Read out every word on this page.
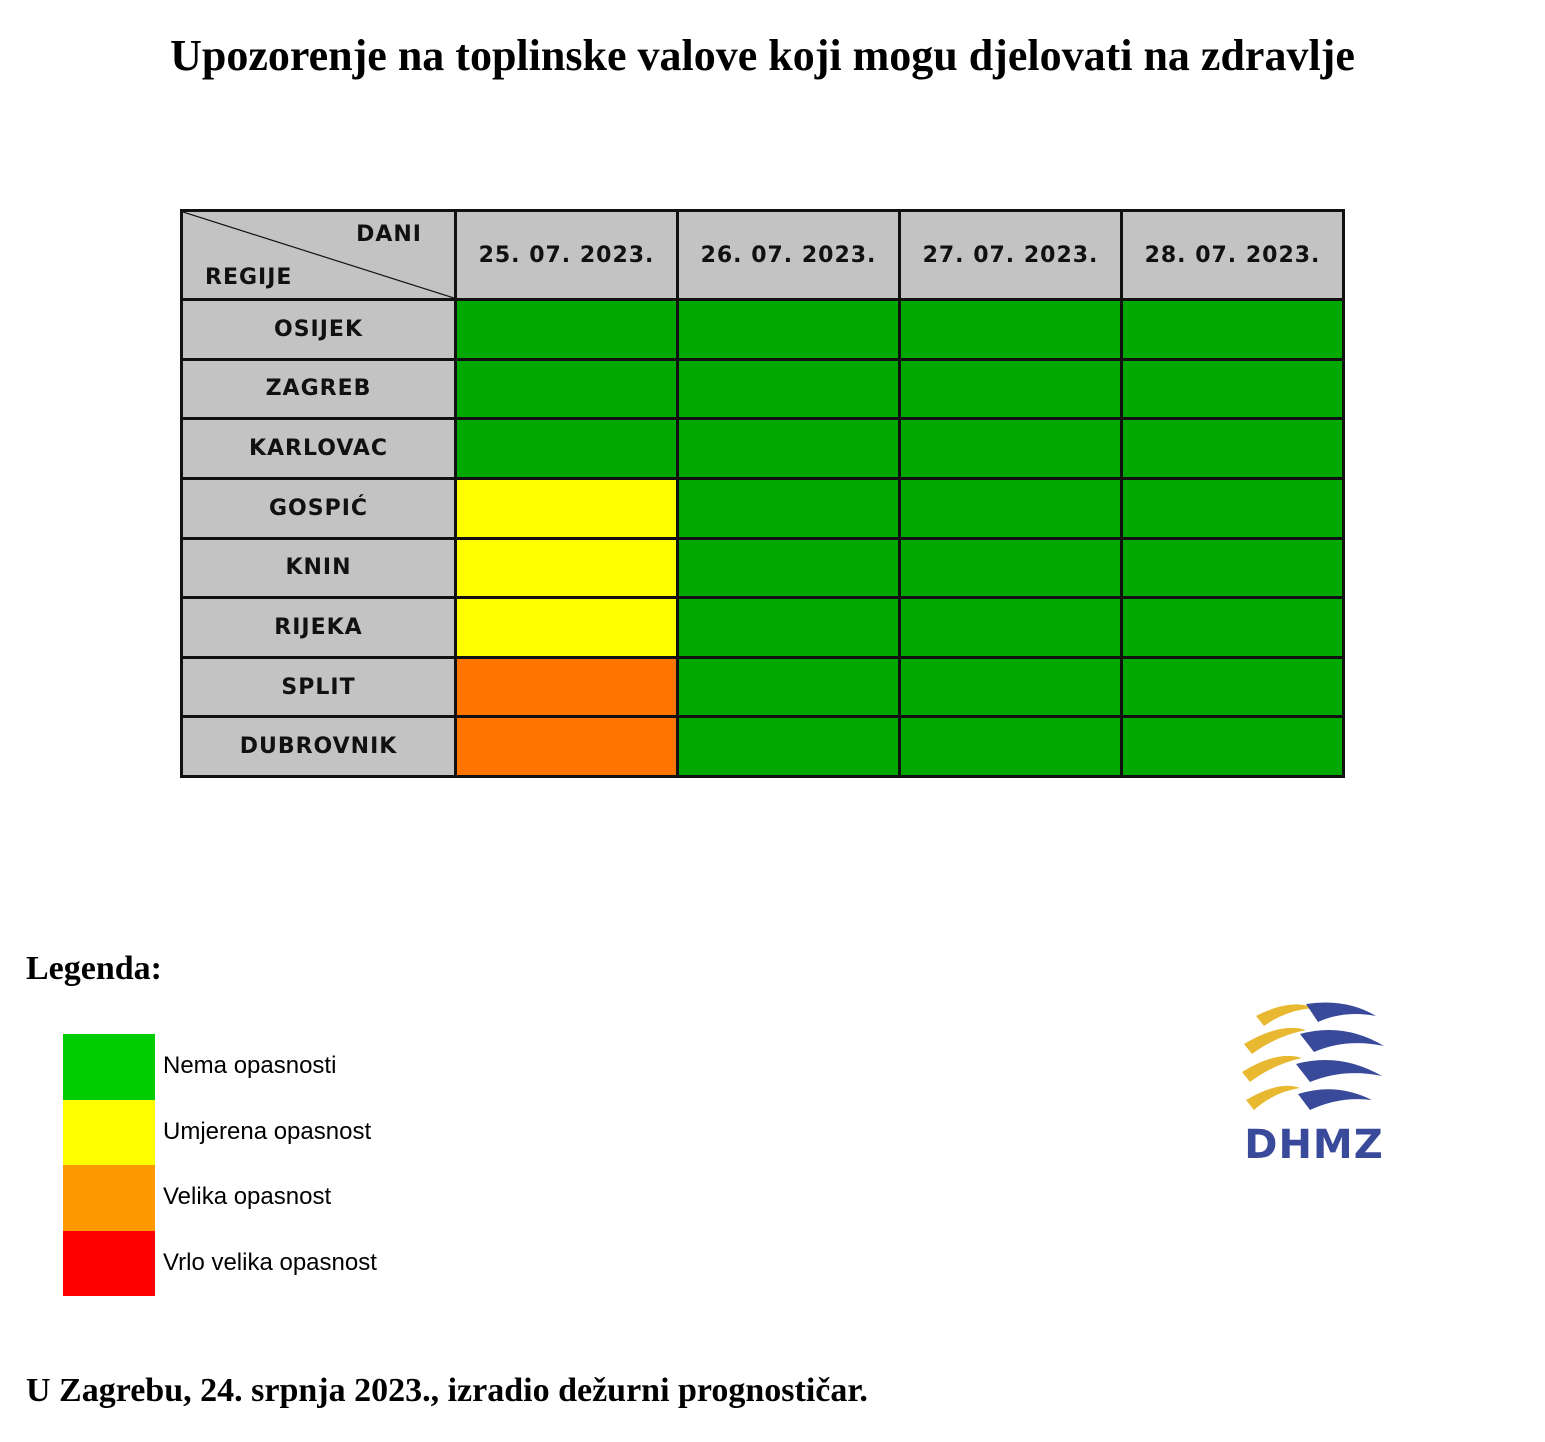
Upozorenje na toplinske valove koji mogu djelovati na zdravlje
DANI
REGIJE	25. 07. 2023.	26. 07. 2023.	27. 07. 2023.	28. 07. 2023.
OSIJEK				
ZAGREB				
KARLOVAC				
GOSPIĆ				
KNIN				
RIJEKA				
SPLIT				
DUBROVNIK				
Legenda:
Nema opasnosti
Umjerena opasnost
Velika opasnost
Vrlo velika opasnost
DHMZ
U Zagrebu, 24. srpnja 2023., izradio dežurni prognostičar.
